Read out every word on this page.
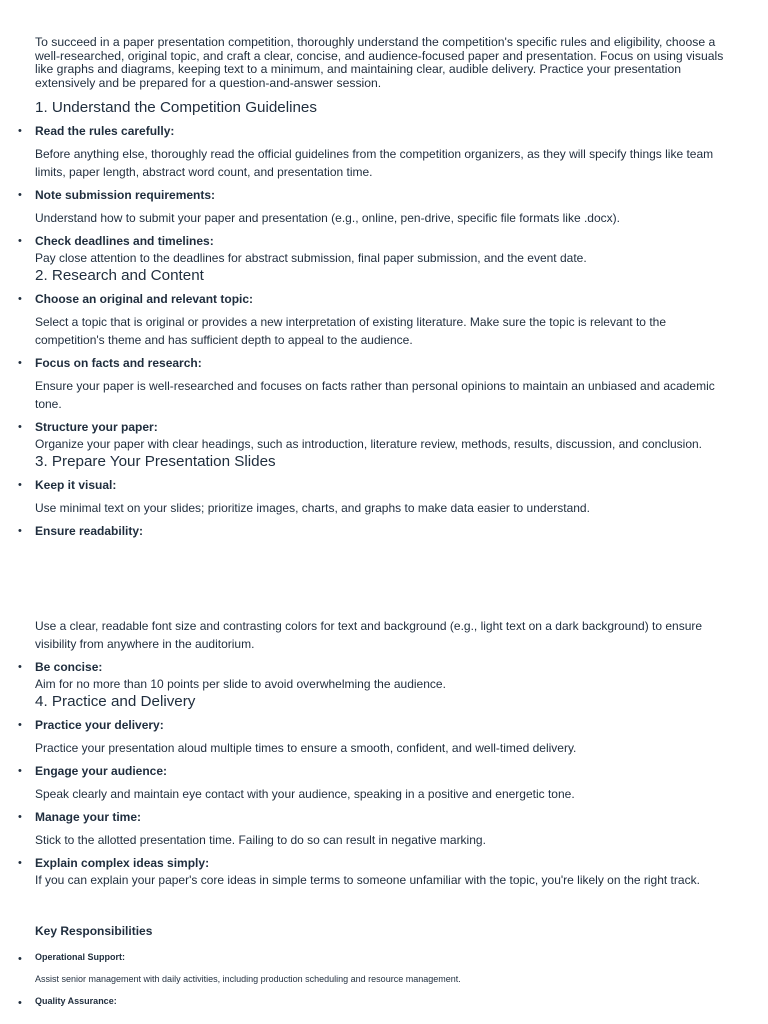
To succeed in a paper presentation competition, thoroughly understand the competition's specific rules and eligibility, choose a well-researched, original topic, and craft a clear, concise, and audience-focused paper and presentation. Focus on using visuals like graphs and diagrams, keeping text to a minimum, and maintaining clear, audible delivery. Practice your presentation extensively and be prepared for a question-and-answer session.

1. Understand the Competition Guidelines
• Read the rules carefully:
Before anything else, thoroughly read the official guidelines from the competition organizers, as they will specify things like team limits, paper length, abstract word count, and presentation time.
• Note submission requirements:
Understand how to submit your paper and presentation (e.g., online, pen-drive, specific file formats like .docx).
• Check deadlines and timelines:
Pay close attention to the deadlines for abstract submission, final paper submission, and the event date.
2. Research and Content
• Choose an original and relevant topic:
Select a topic that is original or provides a new interpretation of existing literature. Make sure the topic is relevant to the competition's theme and has sufficient depth to appeal to the audience.
• Focus on facts and research:
Ensure your paper is well-researched and focuses on facts rather than personal opinions to maintain an unbiased and academic tone.
• Structure your paper:
Organize your paper with clear headings, such as introduction, literature review, methods, results, discussion, and conclusion.
3. Prepare Your Presentation Slides
• Keep it visual:
Use minimal text on your slides; prioritize images, charts, and graphs to make data easier to understand.
• Ensure readability:
Use a clear, readable font size and contrasting colors for text and background (e.g., light text on a dark background) to ensure visibility from anywhere in the auditorium.
• Be concise:
Aim for no more than 10 points per slide to avoid overwhelming the audience.
4. Practice and Delivery
• Practice your delivery:
Practice your presentation aloud multiple times to ensure a smooth, confident, and well-timed delivery.
• Engage your audience:
Speak clearly and maintain eye contact with your audience, speaking in a positive and energetic tone.
• Manage your time:
Stick to the allotted presentation time. Failing to do so can result in negative marking.
• Explain complex ideas simply:
If you can explain your paper's core ideas in simple terms to someone unfamiliar with the topic, you're likely on the right track.
Key Responsibilities
• Operational Support:
Assist senior management with daily activities, including production scheduling and resource management.
• Quality Assurance:
